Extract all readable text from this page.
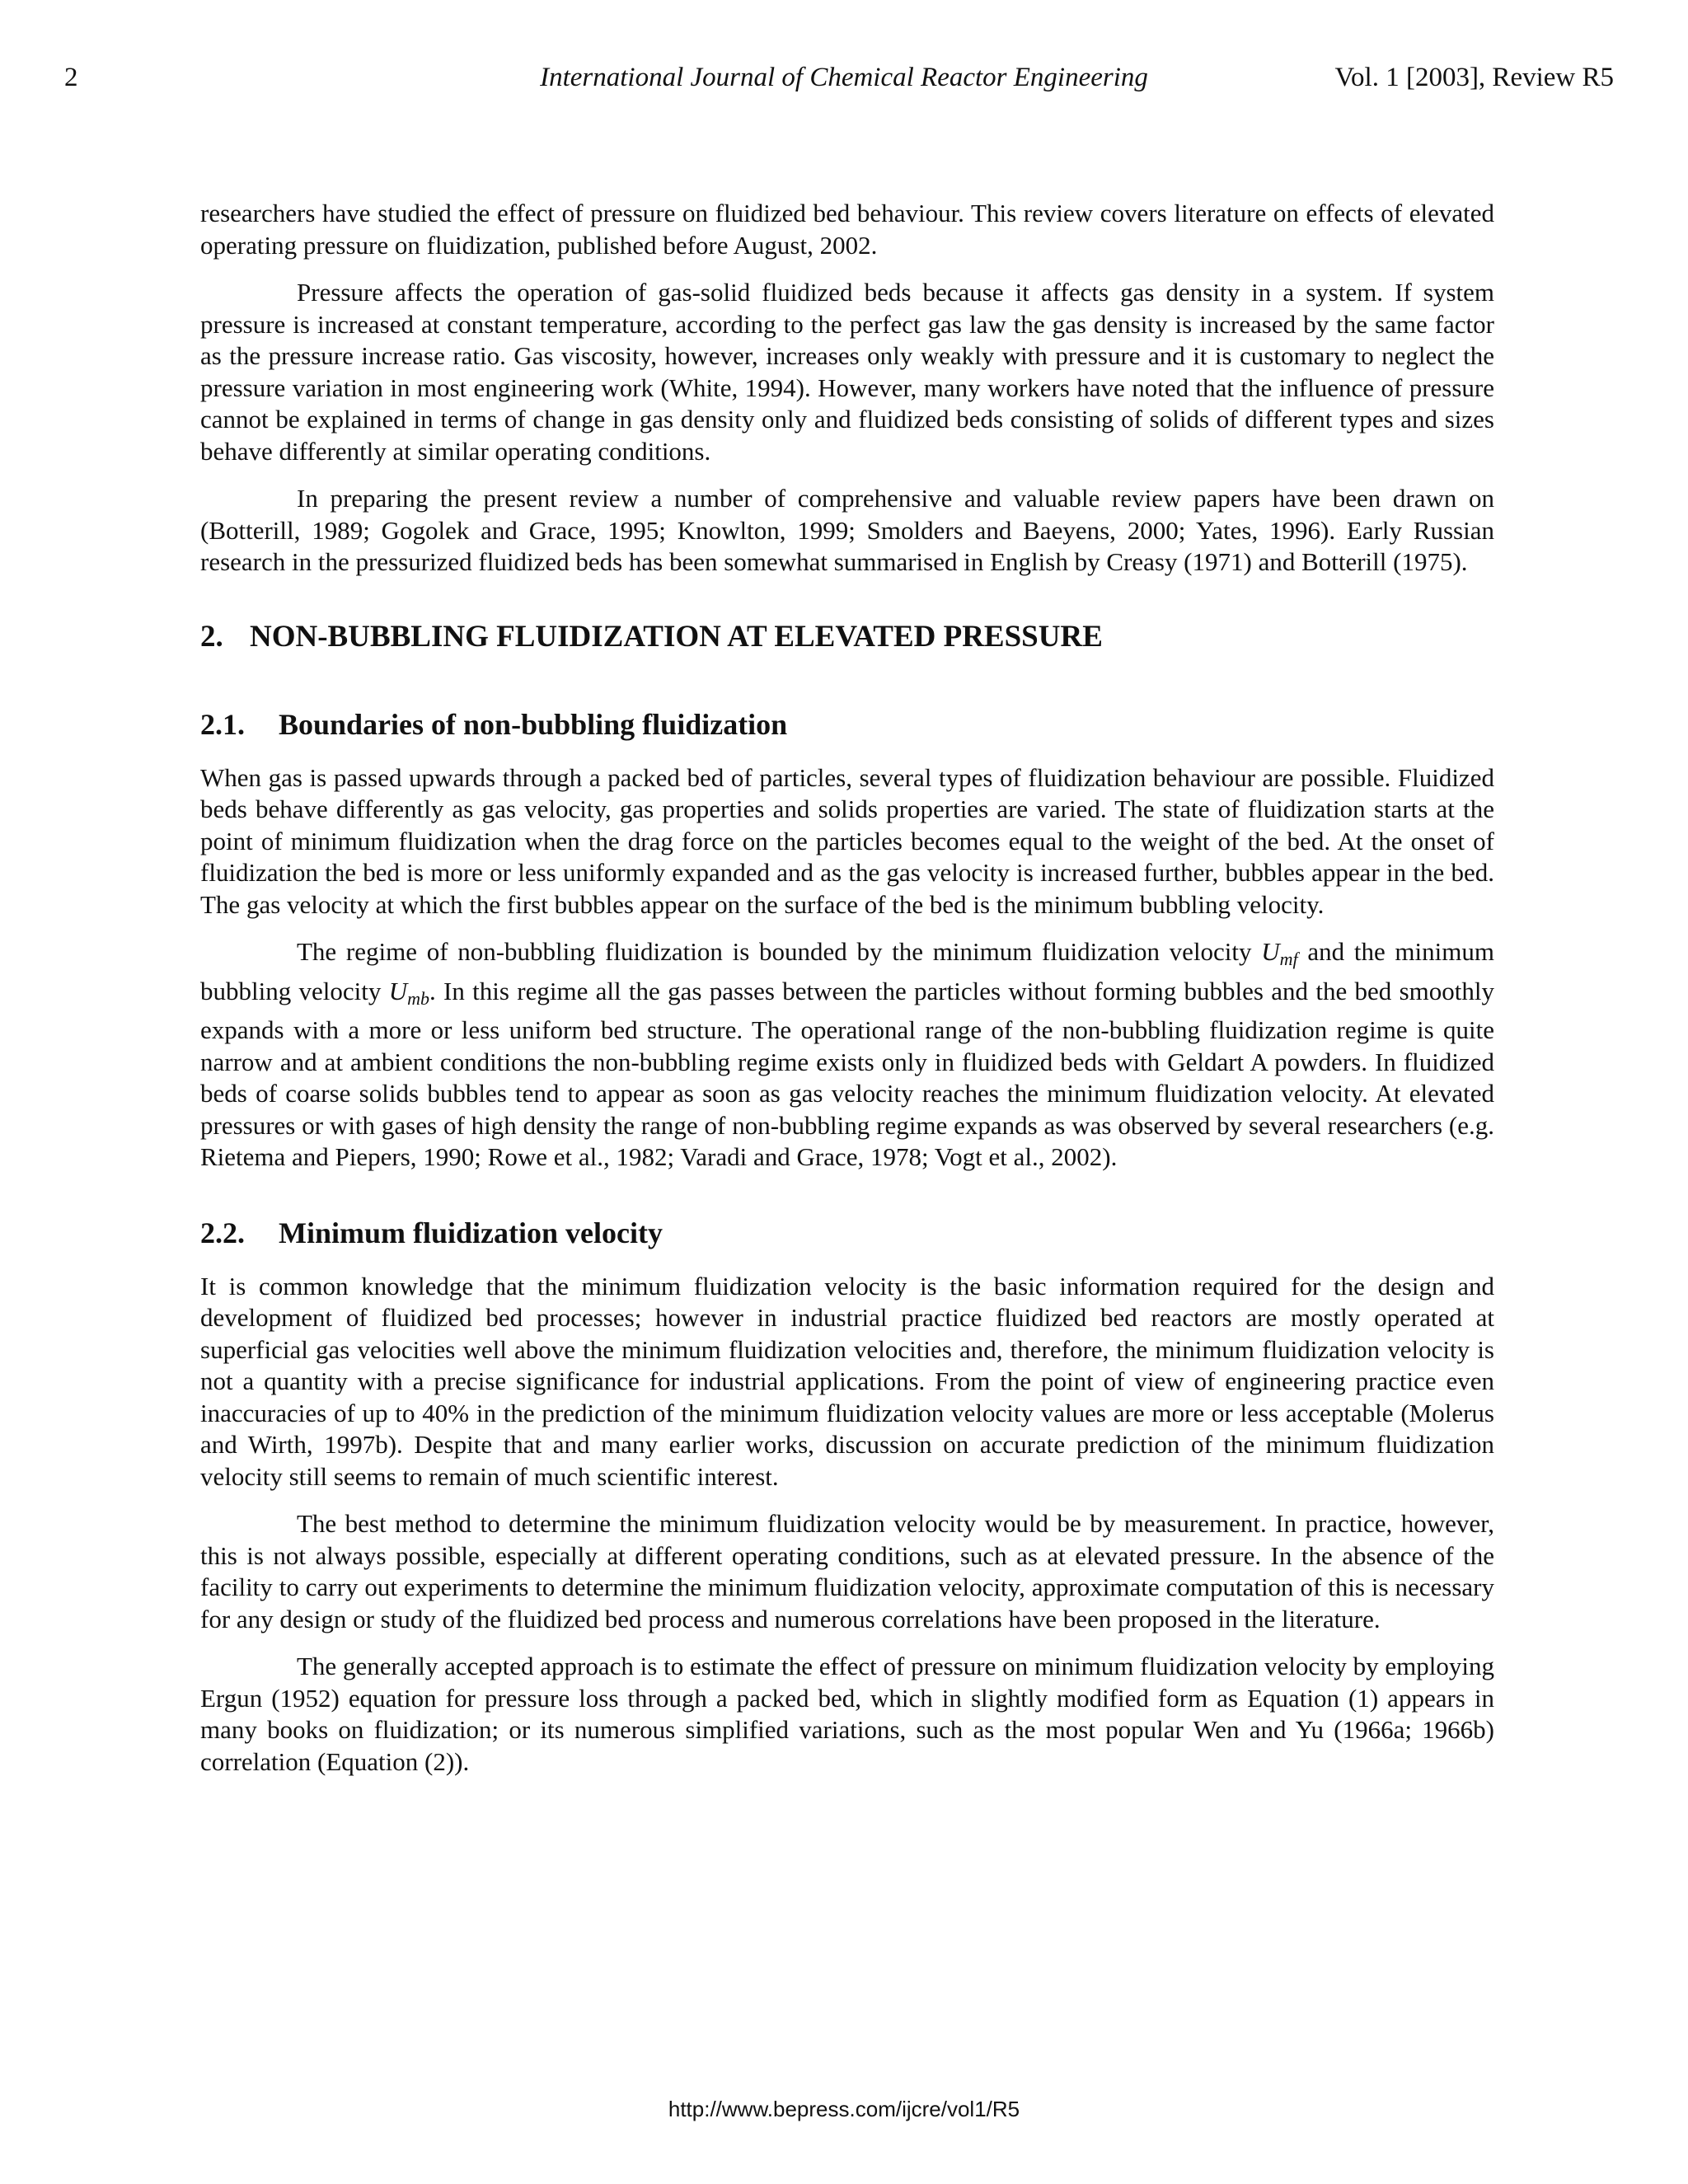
2	International Journal of Chemical Reactor Engineering	Vol. 1 [2003], Review R5

researchers have studied the effect of pressure on fluidized bed behaviour. This review covers literature on effects of elevated operating pressure on fluidization, published before August, 2002.

Pressure affects the operation of gas-solid fluidized beds because it affects gas density in a system. If system pressure is increased at constant temperature, according to the perfect gas law the gas density is increased by the same factor as the pressure increase ratio. Gas viscosity, however, increases only weakly with pressure and it is customary to neglect the pressure variation in most engineering work (White, 1994). However, many workers have noted that the influence of pressure cannot be explained in terms of change in gas density only and fluidized beds consisting of solids of different types and sizes behave differently at similar operating conditions.

In preparing the present review a number of comprehensive and valuable review papers have been drawn on (Botterill, 1989; Gogolek and Grace, 1995; Knowlton, 1999; Smolders and Baeyens, 2000; Yates, 1996). Early Russian research in the pressurized fluidized beds has been somewhat summarised in English by Creasy (1971) and Botterill (1975).

2. NON-BUBBLING FLUIDIZATION AT ELEVATED PRESSURE
2.1. Boundaries of non-bubbling fluidization

When gas is passed upwards through a packed bed of particles, several types of fluidization behaviour are possible. Fluidized beds behave differently as gas velocity, gas properties and solids properties are varied. The state of fluidization starts at the point of minimum fluidization when the drag force on the particles becomes equal to the weight of the bed. At the onset of fluidization the bed is more or less uniformly expanded and as the gas velocity is increased further, bubbles appear in the bed. The gas velocity at which the first bubbles appear on the surface of the bed is the minimum bubbling velocity.

The regime of non-bubbling fluidization is bounded by the minimum fluidization velocity $U_{mf}$ and the minimum bubbling velocity $U_{mb}$. In this regime all the gas passes between the particles without forming bubbles and the bed smoothly expands with a more or less uniform bed structure. The operational range of the non-bubbling fluidization regime is quite narrow and at ambient conditions the non-bubbling regime exists only in fluidized beds with Geldart A powders. In fluidized beds of coarse solids bubbles tend to appear as soon as gas velocity reaches the minimum fluidization velocity. At elevated pressures or with gases of high density the range of non-bubbling regime expands as was observed by several researchers (e.g. Rietema and Piepers, 1990; Rowe et al., 1982; Varadi and Grace, 1978; Vogt et al., 2002).

2.2. Minimum fluidization velocity

It is common knowledge that the minimum fluidization velocity is the basic information required for the design and development of fluidized bed processes; however in industrial practice fluidized bed reactors are mostly operated at superficial gas velocities well above the minimum fluidization velocities and, therefore, the minimum fluidization velocity is not a quantity with a precise significance for industrial applications. From the point of view of engineering practice even inaccuracies of up to 40% in the prediction of the minimum fluidization velocity values are more or less acceptable (Molerus and Wirth, 1997b). Despite that and many earlier works, discussion on accurate prediction of the minimum fluidization velocity still seems to remain of much scientific interest.

The best method to determine the minimum fluidization velocity would be by measurement. In practice, however, this is not always possible, especially at different operating conditions, such as at elevated pressure. In the absence of the facility to carry out experiments to determine the minimum fluidization velocity, approximate computation of this is necessary for any design or study of the fluidized bed process and numerous correlations have been proposed in the literature.

The generally accepted approach is to estimate the effect of pressure on minimum fluidization velocity by employing Ergun (1952) equation for pressure loss through a packed bed, which in slightly modified form as Equation (1) appears in many books on fluidization; or its numerous simplified variations, such as the most popular Wen and Yu (1966a; 1966b) correlation (Equation (2)).

http://www.bepress.com/ijcre/vol1/R5
